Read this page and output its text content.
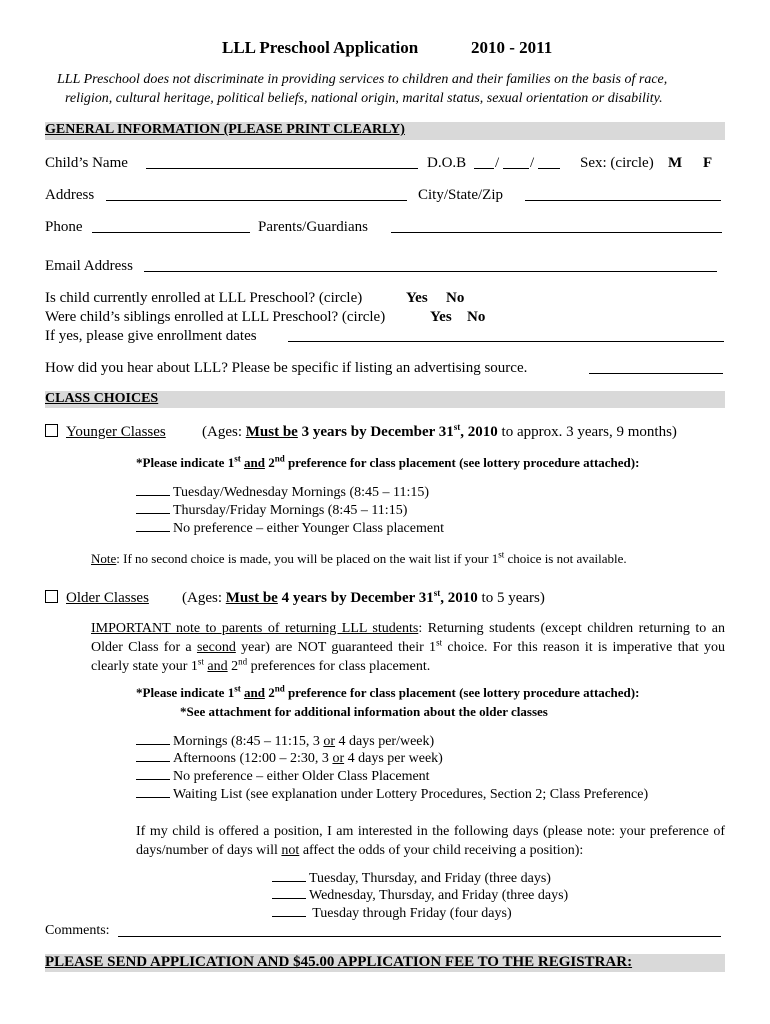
LLL Preschool Application	2010 - 2011
LLL Preschool does not discriminate in providing services to children and their families on the basis of race,
religion, cultural heritage, political beliefs, national origin, marital status, sexual orientation or disability.
GENERAL INFORMATION (PLEASE PRINT CLEARLY)
Child’s Name	D.O.B / /	Sex: (circle) M F
Address	City/State/Zip
Phone	Parents/Guardians
Email Address
Is child currently enrolled at LLL Preschool? (circle)	Yes No
Were child’s siblings enrolled at LLL Preschool? (circle)	Yes No
If yes, please give enrollment dates
How did you hear about LLL? Please be specific if listing an advertising source.
CLASS CHOICES
Younger Classes (Ages: Must be 3 years by December 31st, 2010 to approx. 3 years, 9 months)
*Please indicate 1st and 2nd preference for class placement (see lottery procedure attached):
Tuesday/Wednesday Mornings (8:45 – 11:15)
Thursday/Friday Mornings (8:45 – 11:15)
No preference – either Younger Class placement
Note: If no second choice is made, you will be placed on the wait list if your 1st choice is not available.
Older Classes (Ages: Must be 4 years by December 31st, 2010 to 5 years)
IMPORTANT note to parents of returning LLL students: Returning students (except children returning to an Older Class for a second year) are NOT guaranteed their 1st choice. For this reason it is imperative that you clearly state your 1st and 2nd preferences for class placement.
*Please indicate 1st and 2nd preference for class placement (see lottery procedure attached):
*See attachment for additional information about the older classes
Mornings (8:45 – 11:15, 3 or 4 days per/week)
Afternoons (12:00 – 2:30, 3 or 4 days per week)
No preference – either Older Class Placement
Waiting List (see explanation under Lottery Procedures, Section 2; Class Preference)
If my child is offered a position, I am interested in the following days (please note: your preference of days/number of days will not affect the odds of your child receiving a position):
Tuesday, Thursday, and Friday (three days)
Wednesday, Thursday, and Friday (three days)
Tuesday through Friday (four days)
Comments:
PLEASE SEND APPLICATION AND $45.00 APPLICATION FEE TO THE REGISTRAR:
